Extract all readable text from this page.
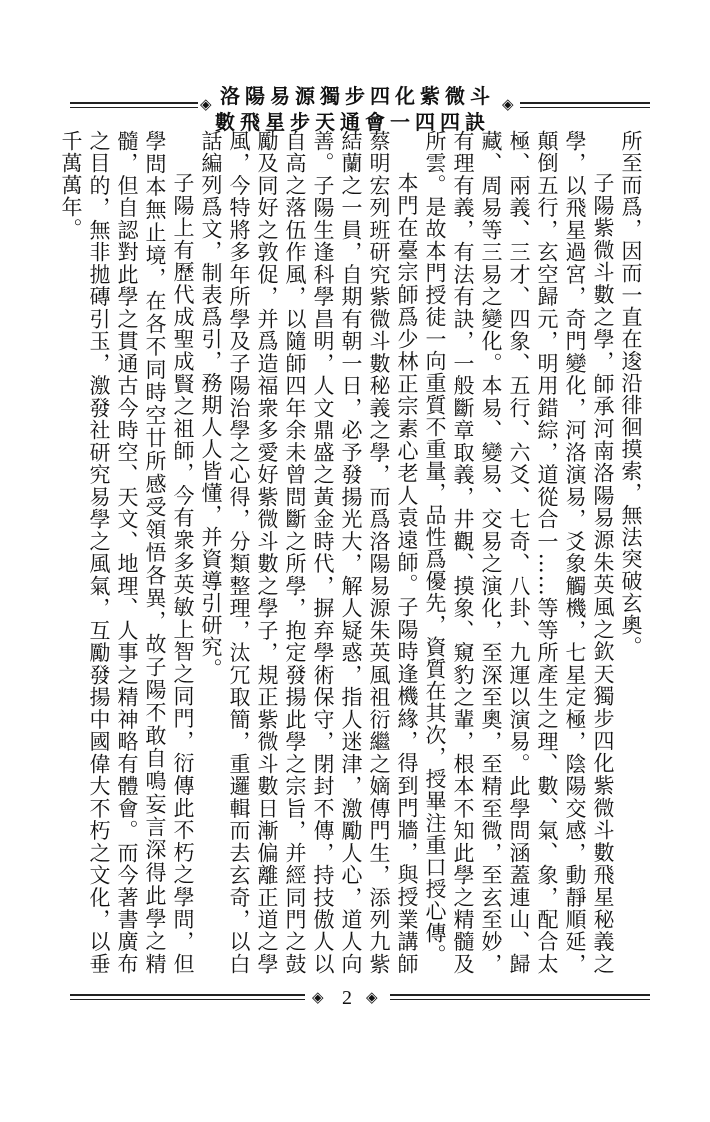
◈ 洛陽易源獨步四化紫微斗
數飛星步天通會一四四訣
◈

所至而爲，因而一直在逡沿徘徊摸索，無法突破玄奧。

子陽紫微斗數之學，師承河南洛陽易源朱英風之欽天獨步四化紫微斗數飛星秘義之學，以飛星過宮，奇門變化，河洛演易，爻象觸機，七星定極，陰陽交感，動靜順延，顛倒五行，玄空歸元，明用錯綜，道從合一……等等所產生之理、數、氣、象，配合太極、兩義、三才、四象、五行、六爻、七奇、八卦、九運以演易。此學問涵蓋連山、歸藏、周易等三易之變化。本易、變易、交易之演化，至深至奧，至精至微，至玄至妙，有理有義，有法有訣，一般斷章取義，井觀、摸象、窺豹之輩，根本不知此學之精髓及所雲。是故本門授徒一向重質不重量，品性爲優先，資質在其次，授畢注重口授心傳。

本門在臺宗師爲少林正宗素心老人袁遠師。子陽時逢機緣，得到門牆，與授業講師蔡明宏列班研究紫微斗數秘義之學，而爲洛陽易源朱英風祖衍繼之嫡傳門生，添列九紫結蘭之一員，自期有朝一日，必予發揚光大，解人疑惑，指人迷津，激勵人心，道人向善。子陽生逢科學昌明，人文鼎盛之黃金時代，摒弃學術保守，閉封不傳，持技傲人以自高之落伍作風，以隨師四年余未曾問斷之所學，抱定發揚此學之宗旨，并經同門之鼓勵及同好之敦促，并爲造福衆多愛好紫微斗數之學子，規正紫微斗數日漸偏離正道之學風，今特將多年所學及子陽治學之心得，分類整理，汰冗取簡，重邏輯而去玄奇，以白話編列爲文，制表爲引，務期人人皆懂，并資導引研究。

子陽上有歷代成聖成賢之祖師，今有衆多英敏上智之同門，衍傳此不朽之學問，但學問本無止境，在各不同時空廿所感受領悟各異，故子陽不敢自鳴妄言深得此學之精髓，但自認對此學之貫通古今時空、天文、地理、人事之精神略有體會。而今著書廣布之目的，無非拋磚引玉，激發社研究易學之風氣，互勵發揚中國偉大不朽之文化，以垂千萬萬年。

◈ 2 ◈
